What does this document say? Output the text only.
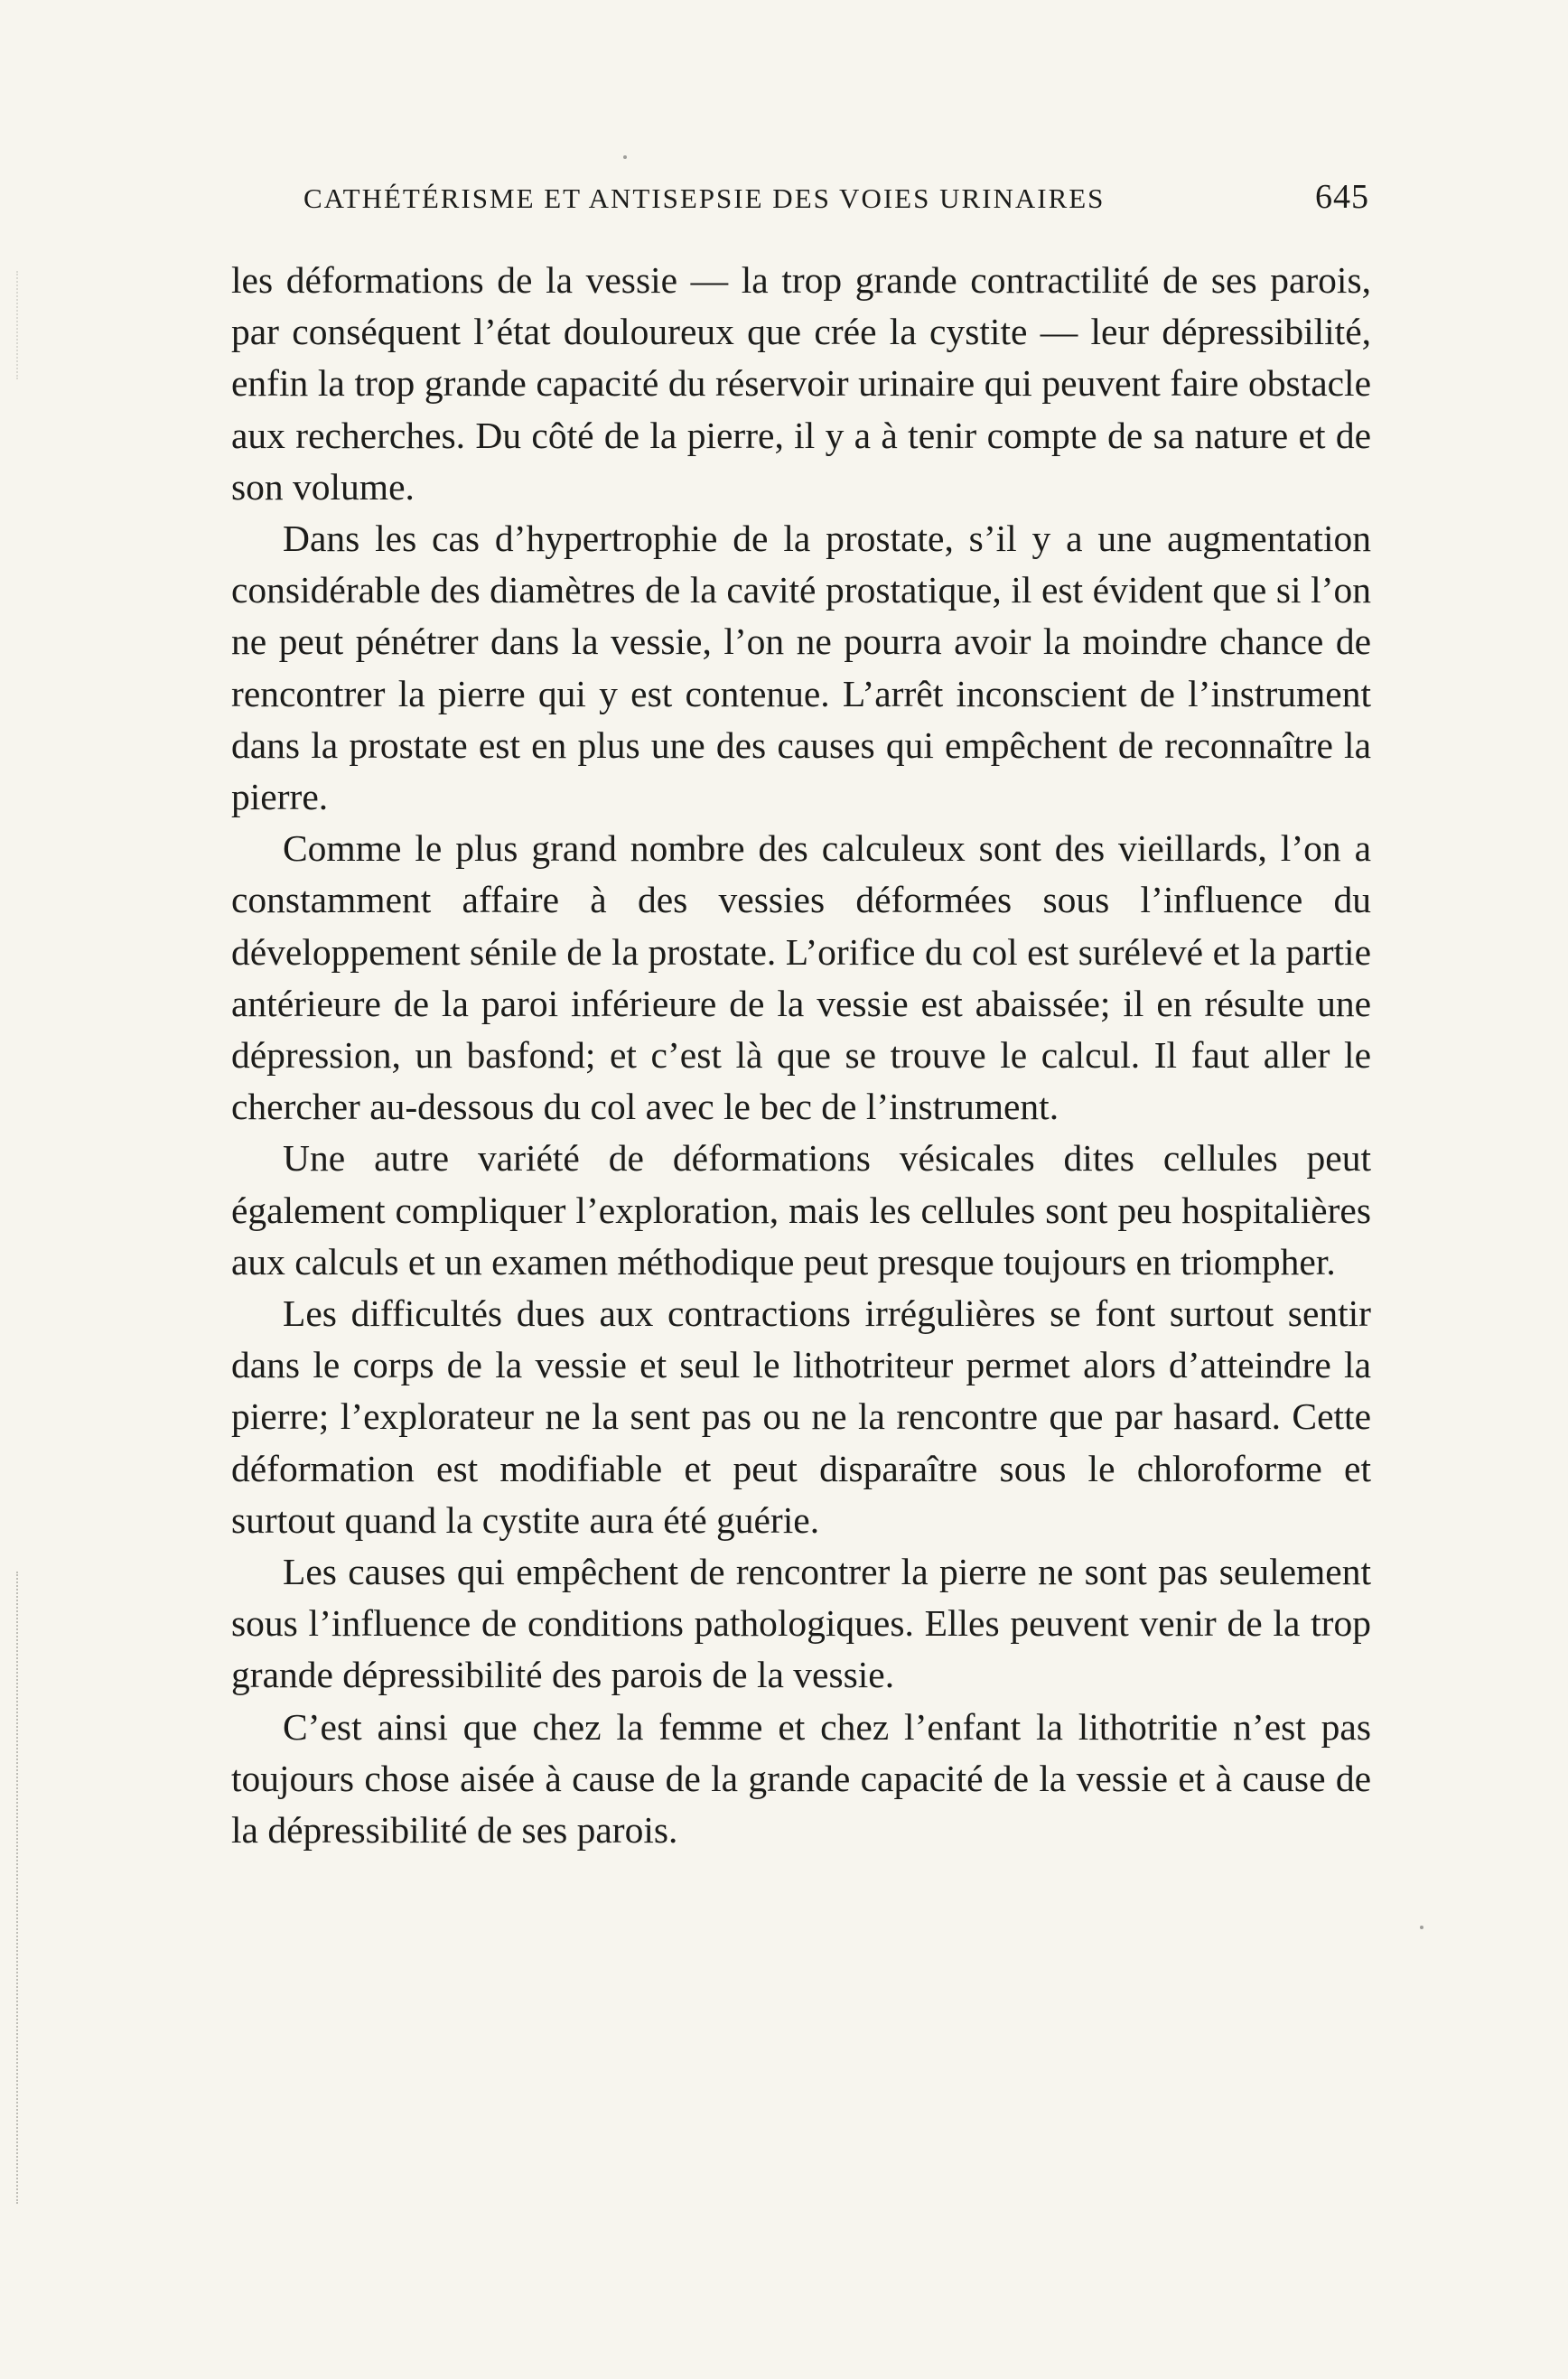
CATHÉTÉRISME ET ANTISEPSIE DES VOIES URINAIRES	645

les déformations de la vessie — la trop grande contractilité de ses parois, par conséquent l’état douloureux que crée la cystite — leur dépressibilité, enfin la trop grande capacité du réservoir urinaire qui peuvent faire obstacle aux recherches. Du côté de la pierre, il y a à tenir compte de sa nature et de son volume.

Dans les cas d’hypertrophie de la prostate, s’il y a une augmentation considérable des diamètres de la cavité prostatique, il est évident que si l’on ne peut pénétrer dans la vessie, l’on ne pourra avoir la moindre chance de rencontrer la pierre qui y est contenue. L’arrêt inconscient de l’instrument dans la prostate est en plus une des causes qui empêchent de reconnaître la pierre.

Comme le plus grand nombre des calculeux sont des vieillards, l’on a constamment affaire à des vessies déformées sous l’influence du développement sénile de la prostate. L’orifice du col est surélevé et la partie antérieure de la paroi inférieure de la vessie est abaissée; il en résulte une dépression, un basfond; et c’est là que se trouve le calcul. Il faut aller le chercher au-dessous du col avec le bec de l’instrument.

Une autre variété de déformations vésicales dites cellules peut également compliquer l’exploration, mais les cellules sont peu hospitalières aux calculs et un examen méthodique peut presque toujours en triompher.

Les difficultés dues aux contractions irrégulières se font surtout sentir dans le corps de la vessie et seul le lithotriteur permet alors d’atteindre la pierre; l’explorateur ne la sent pas ou ne la rencontre que par hasard. Cette déformation est modifiable et peut disparaître sous le chloroforme et surtout quand la cystite aura été guérie.

Les causes qui empêchent de rencontrer la pierre ne sont pas seulement sous l’influence de conditions pathologiques. Elles peuvent venir de la trop grande dépressibilité des parois de la vessie.

C’est ainsi que chez la femme et chez l’enfant la lithotritie n’est pas toujours chose aisée à cause de la grande capacité de la vessie et à cause de la dépressibilité de ses parois.
